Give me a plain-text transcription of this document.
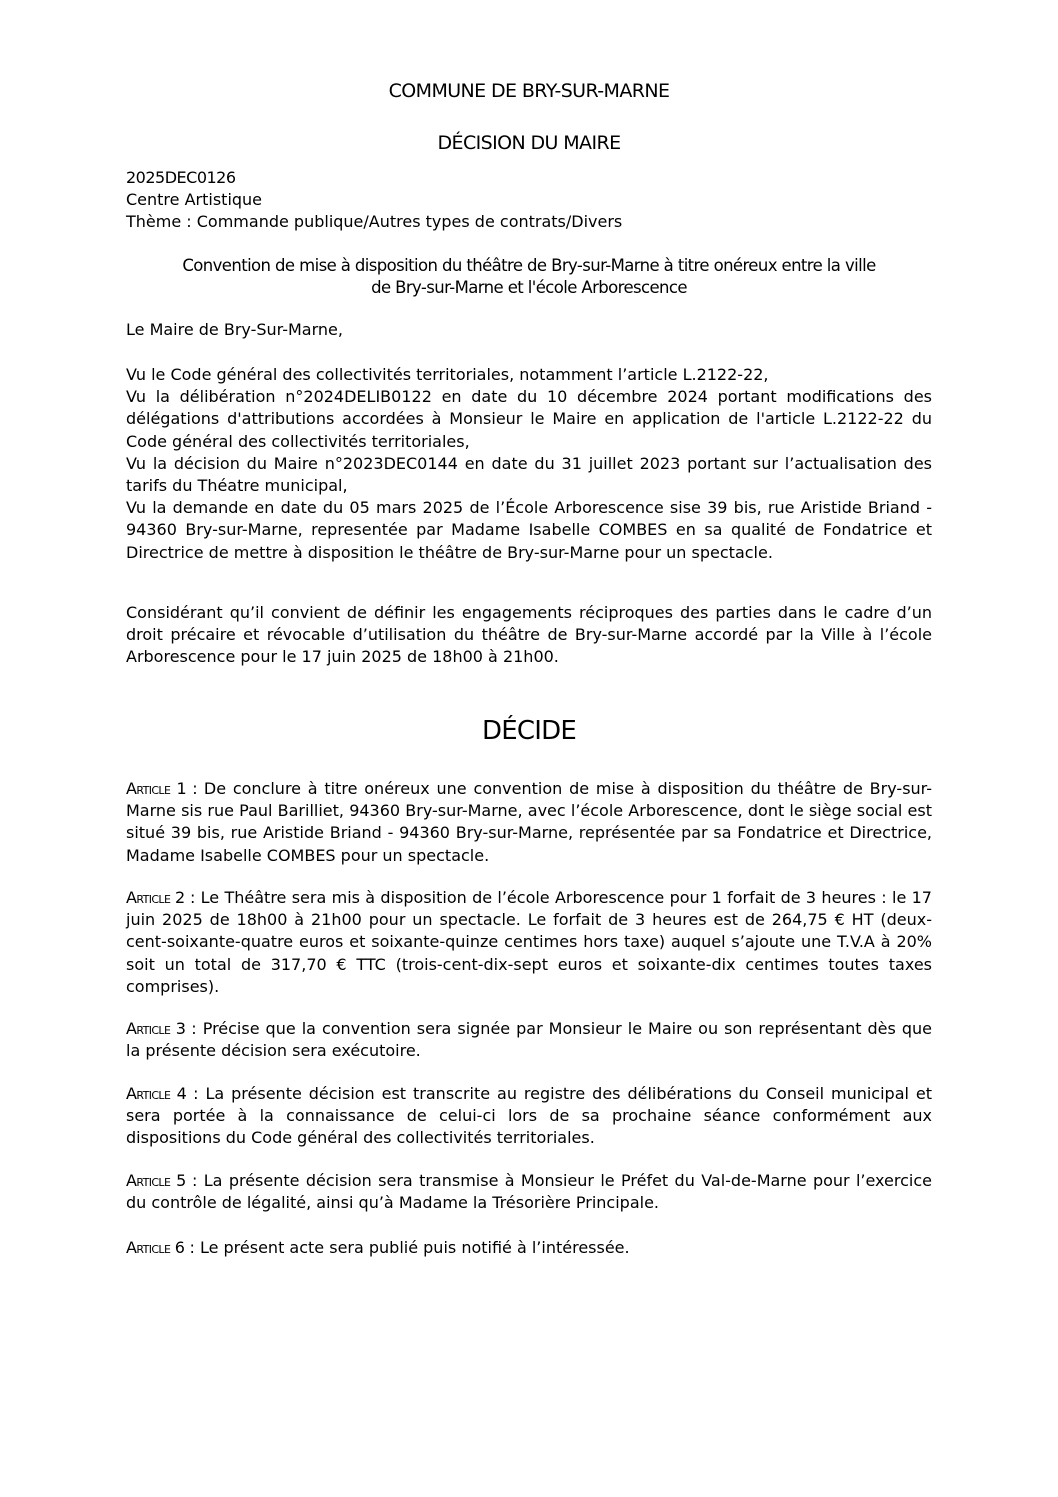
COMMUNE DE BRY-SUR-MARNE
DÉCISION DU MAIRE
2025DEC0126
Centre Artistique
Thème : Commande publique/Autres types de contrats/Divers
Convention de mise à disposition du théâtre de Bry-sur-Marne à titre onéreux entre la ville
de Bry-sur-Marne et l'école Arborescence
Le Maire de Bry-Sur-Marne,

Vu le Code général des collectivités territoriales, notamment l’article L.2122-22,

Vu la délibération n°2024DELIB0122 en date du 10 décembre 2024 portant modifications des délégations d'attributions accordées à Monsieur le Maire en application de l'article L.2122-22 du Code général des collectivités territoriales,

Vu la décision du Maire n°2023DEC0144 en date du 31 juillet 2023 portant sur l’actualisation des tarifs du Théatre municipal,

Vu la demande en date du 05 mars 2025 de l’École Arborescence sise 39 bis, rue Aristide Briand - 94360 Bry-sur-Marne, representée par Madame Isabelle COMBES en sa qualité de Fondatrice et Directrice de mettre à disposition le théâtre de Bry-sur-Marne pour un spectacle.

Considérant qu’il convient de définir les engagements réciproques des parties dans le cadre d’un droit précaire et révocable d’utilisation du théâtre de Bry-sur-Marne accordé par la Ville à l’école Arborescence pour le 17 juin 2025 de 18h00 à 21h00.

DÉCIDE

Article 1 : De conclure à titre onéreux une convention de mise à disposition du théâtre de Bry-sur-Marne sis rue Paul Barilliet, 94360 Bry-sur-Marne, avec l’école Arborescence, dont le siège social est situé 39 bis, rue Aristide Briand - 94360 Bry-sur-Marne, représentée par sa Fondatrice et Directrice, Madame Isabelle COMBES pour un spectacle.

Article 2 : Le Théâtre sera mis à disposition de l’école Arborescence pour 1 forfait de 3 heures : le 17 juin 2025 de 18h00 à 21h00 pour un spectacle. Le forfait de 3 heures est de 264,75 € HT (deux-cent-soixante-quatre euros et soixante-quinze centimes hors taxe) auquel s’ajoute une T.V.A à 20% soit un total de 317,70 € TTC (trois-cent-dix-sept euros et soixante-dix centimes toutes taxes comprises).

Article 3 : Précise que la convention sera signée par Monsieur le Maire ou son représentant dès que la présente décision sera exécutoire.

Article 4 : La présente décision est transcrite au registre des délibérations du Conseil municipal et sera portée à la connaissance de celui-ci lors de sa prochaine séance conformément aux dispositions du Code général des collectivités territoriales.

Article 5 : La présente décision sera transmise à Monsieur le Préfet du Val-de-Marne pour l’exercice du contrôle de légalité, ainsi qu’à Madame la Trésorière Principale.

Article 6 : Le présent acte sera publié puis notifié à l’intéressée.
